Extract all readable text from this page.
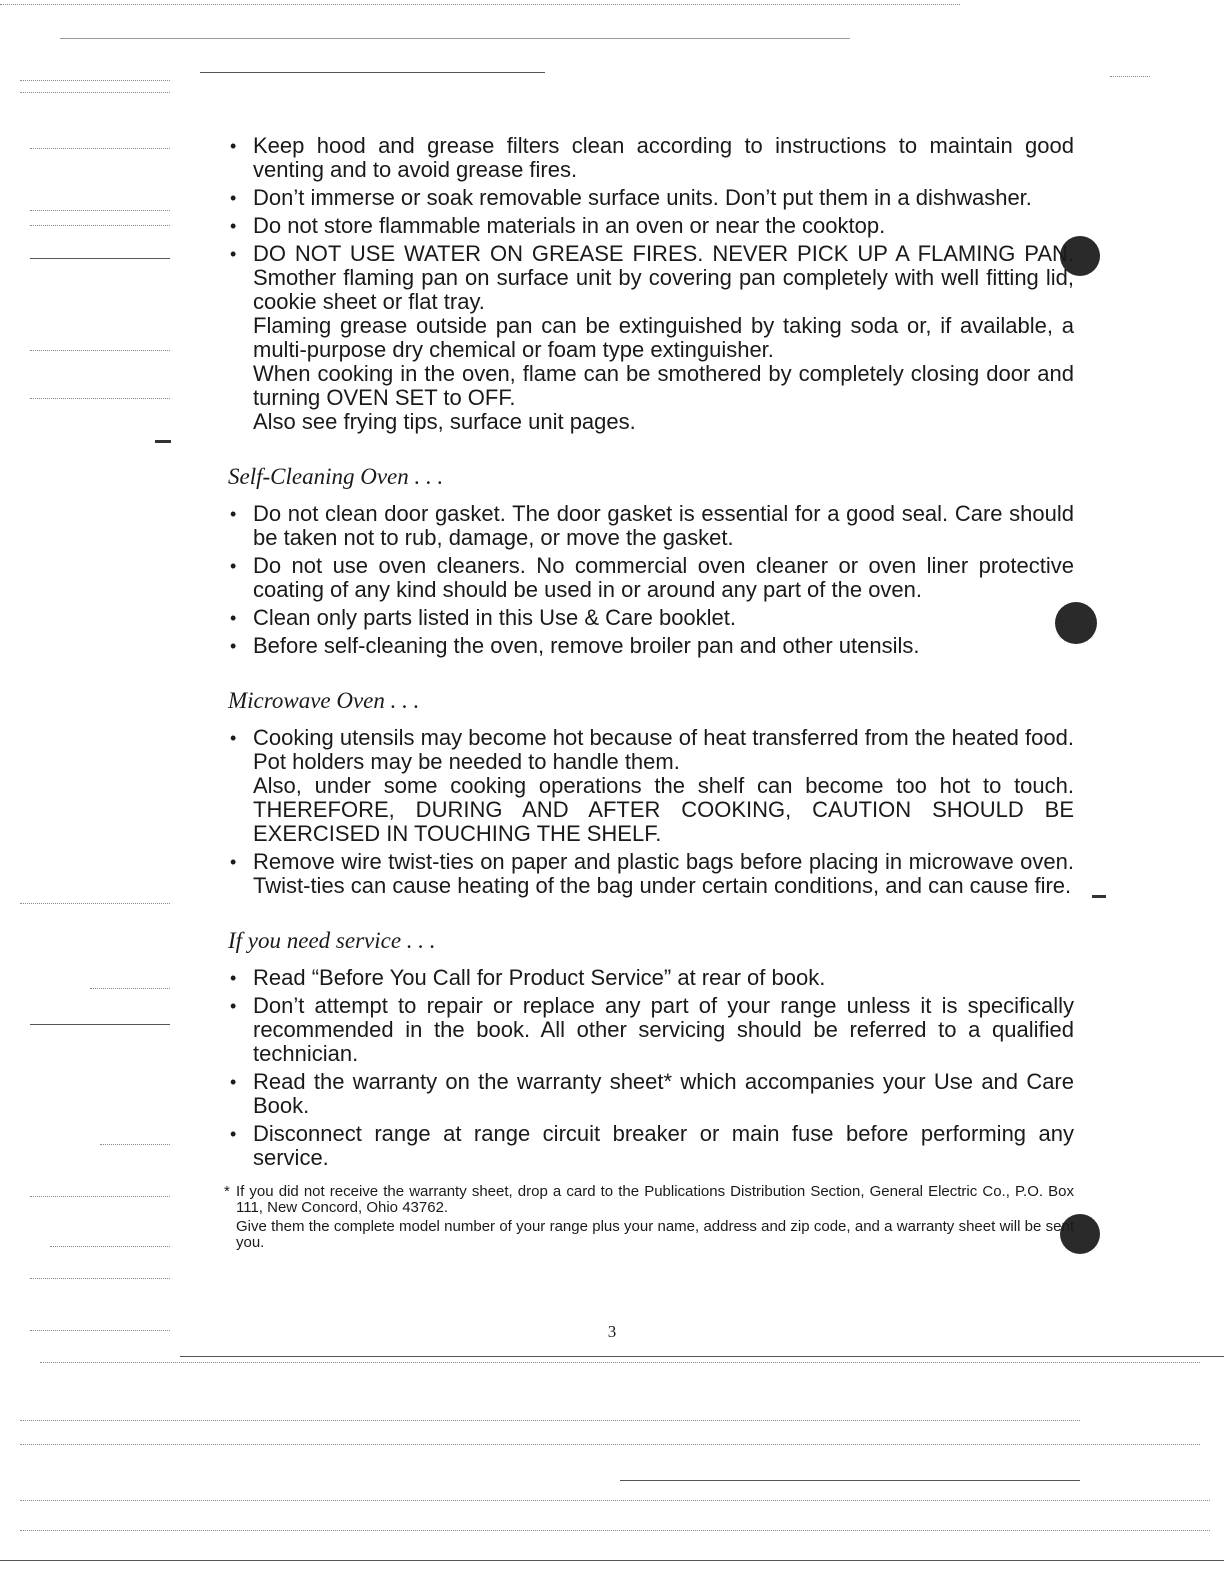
• Keep hood and grease filters clean according to instructions to maintain good venting and to avoid grease fires.
• Don’t immerse or soak removable surface units. Don’t put them in a dishwasher.
• Do not store flammable materials in an oven or near the cooktop.
• DO NOT USE WATER ON GREASE FIRES. NEVER PICK UP A FLAMING PAN. Smother flaming pan on surface unit by covering pan completely with well fitting lid, cookie sheet or flat tray.
Flaming grease outside pan can be extinguished by taking soda or, if available, a multi-purpose dry chemical or foam type extinguisher.
When cooking in the oven, flame can be smothered by completely closing door and turning OVEN SET to OFF.
Also see frying tips, surface unit pages.
Self-Cleaning Oven . . .
• Do not clean door gasket. The door gasket is essential for a good seal. Care should be taken not to rub, damage, or move the gasket.
• Do not use oven cleaners. No commercial oven cleaner or oven liner protective coating of any kind should be used in or around any part of the oven.
• Clean only parts listed in this Use & Care booklet.
• Before self-cleaning the oven, remove broiler pan and other utensils.
Microwave Oven . . .
• Cooking utensils may become hot because of heat transferred from the heated food. Pot holders may be needed to handle them.
Also, under some cooking operations the shelf can become too hot to touch. THEREFORE, DURING AND AFTER COOKING, CAUTION SHOULD BE EXERCISED IN TOUCHING THE SHELF.
• Remove wire twist-ties on paper and plastic bags before placing in microwave oven. Twist-ties can cause heating of the bag under certain conditions, and can cause fire.
If you need service . . .
• Read “Before You Call for Product Service” at rear of book.
• Don’t attempt to repair or replace any part of your range unless it is specifically recommended in the book. All other servicing should be referred to a qualified technician.
• Read the warranty on the warranty sheet* which accompanies your Use and Care Book.
• Disconnect range at range circuit breaker or main fuse before performing any service.
* If you did not receive the warranty sheet, drop a card to the Publications Distribution Section, General Electric Co., P.O. Box 111, New Concord, Ohio 43762.

Give them the complete model number of your range plus your name, address and zip code, and a warranty sheet will be sent you.

3
